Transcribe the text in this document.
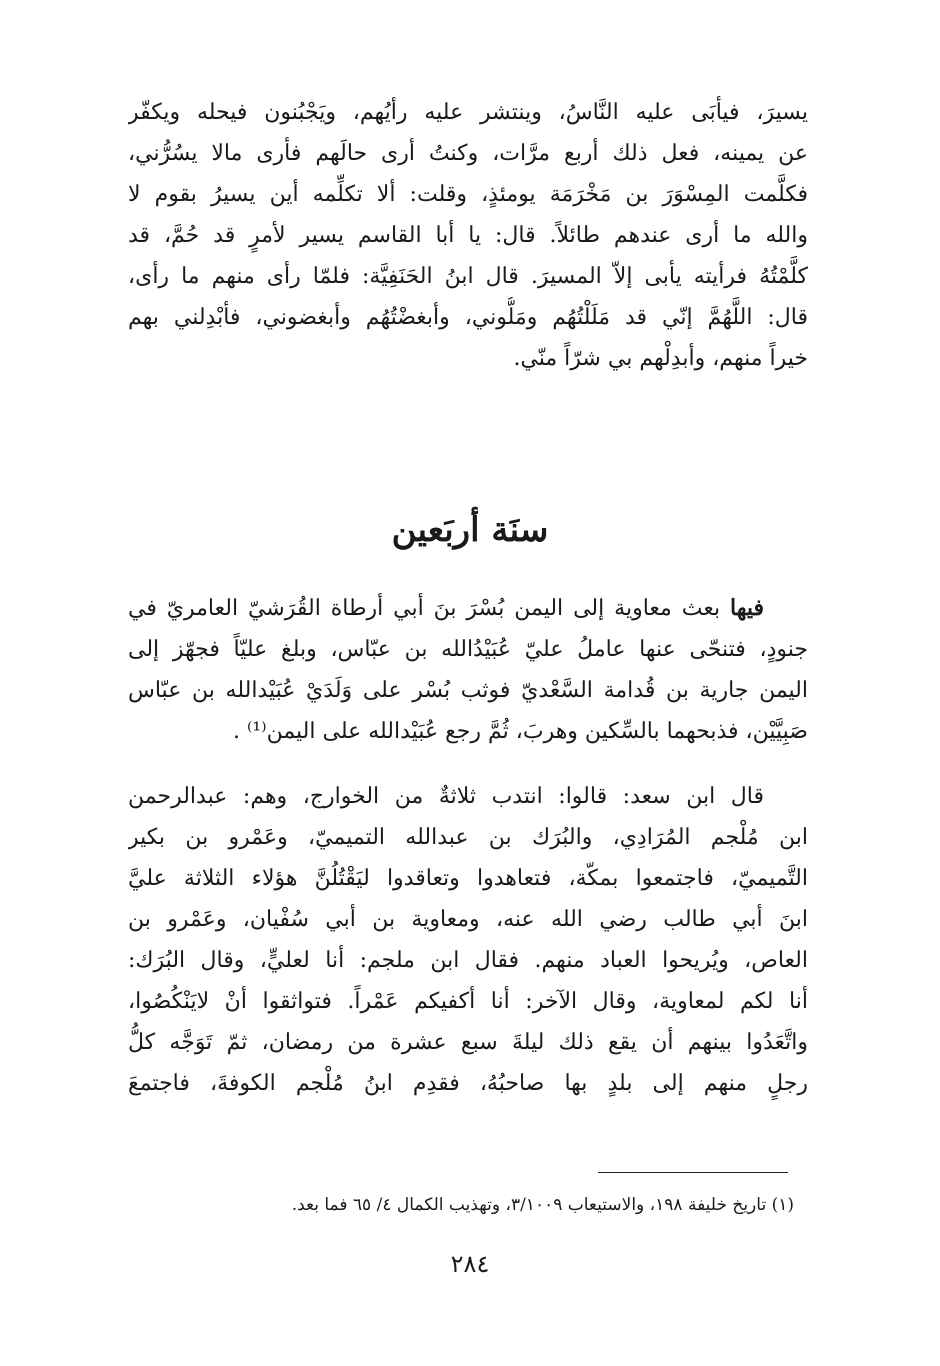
يسيرَ، فيأبَى عليه النَّاسُ، وينتشر عليه رأيُهم، ويَجْبُنون فيحله ويكفّر
عن يمينه، فعل ذلك أربع مرَّات، وكنتُ أرى حالَهم فأرى مالا يسُرُّني،
فكلَّمت المِسْوَرَ بن مَخْرَمَة يومئذٍ، وقلت: ألا تكلِّمه أين يسيرُ بقوم لا
والله ما أرى عندهم طائلاً. قال: يا أبا القاسم يسير لأمرٍ قد حُمَّ، قد
كلَّمْتُهُ فرأيته يأبى إلاّ المسيرَ. قال ابنُ الحَنَفِيَّة: فلمّا رأى منهم ما رأى،
قال: اللَّهُمَّ إنّي قد مَلَلْتُهُم ومَلُّوني، وأبغضْتُهُم وأبغضوني، فأبْدِلني بهم
خيراً منهم، وأبدِلْهم بي شرّاً منّي.
سنَة أربَعين
فيها بعث معاوية إلى اليمن بُسْرَ بنَ أبي أرطاة القُرَشيّ العامريّ في
جنودٍ، فتنحّى عنها عاملُ عليّ عُبَيْدُالله بن عبّاس، وبلغ عليّاً فجهّز إلى
اليمن جارية بن قُدامة السَّعْديّ فوثب بُسْر على وَلَدَيْ عُبَيْدالله بن عبّاس
صَبِيَّيْن، فذبحهما بالسِّكين وهربَ، ثُمَّ رجع عُبَيْدالله على اليمن⁽¹⁾ .
قال ابن سعد: قالوا: انتدب ثلاثةٌ من الخوارج، وهم: عبدالرحمن
ابن مُلْجم المُرَادِي، والبُرَك بن عبدالله التميميّ، وعَمْرو بن بكير
التَّميميّ، فاجتمعوا بمكّة، فتعاهدوا وتعاقدوا ليَقْتُلُنَّ هؤلاء الثلاثة عليَّ
ابنَ أبي طالب رضي الله عنه، ومعاوية بن أبي سُفْيان، وعَمْرو بن
العاص، ويُريحوا العباد منهم. فقال ابن ملجم: أنا لعليٍّ، وقال البُرَك:
أنا لكم لمعاوية، وقال الآخر: أنا أكفيكم عَمْراً. فتواثقوا أنْ لايَنْكُصُوا،
واتَّعَدُوا بينهم أن يقع ذلك ليلةَ سبع عشرة من رمضان، ثمّ تَوَجَّه كلُّ
رجلٍ منهم إلى بلدٍ بها صاحبُهُ، فقدِم ابنُ مُلْجم الكوفةَ، فاجتمعَ
(١) تاريخ خليفة ١٩٨، والاستيعاب ٣/١٠٠٩، وتهذيب الكمال ٤/ ٦٥ فما بعد.
٢٨٤
